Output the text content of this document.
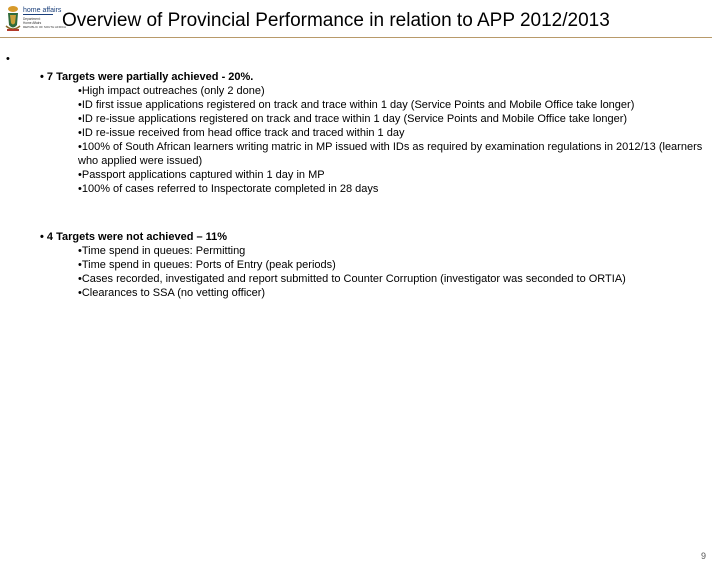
home affairs
Department:
Home Affairs
REPUBLIC OF SOUTH AFRICA
Overview of Provincial Performance in relation to APP 2012/2013
•
• 7 Targets were partially achieved - 20%.
•High impact outreaches (only 2 done)
•ID first issue applications registered on track and trace within 1 day (Service Points and Mobile Office take longer)
•ID re-issue applications registered on track and trace within 1 day (Service Points and Mobile Office take longer)
•ID re-issue received from head office track and traced within 1 day
•100% of South African learners writing matric in MP issued with IDs as required by examination regulations in 2012/13 (learners who applied were issued)
•Passport applications captured within 1 day in MP
•100% of cases referred to Inspectorate completed in 28 days
• 4 Targets were not achieved – 11%
•Time spend in queues: Permitting
•Time spend in queues: Ports of Entry (peak periods)
•Cases recorded, investigated and report submitted to Counter Corruption (investigator was seconded to ORTIA)
•Clearances to SSA (no vetting officer)
9
